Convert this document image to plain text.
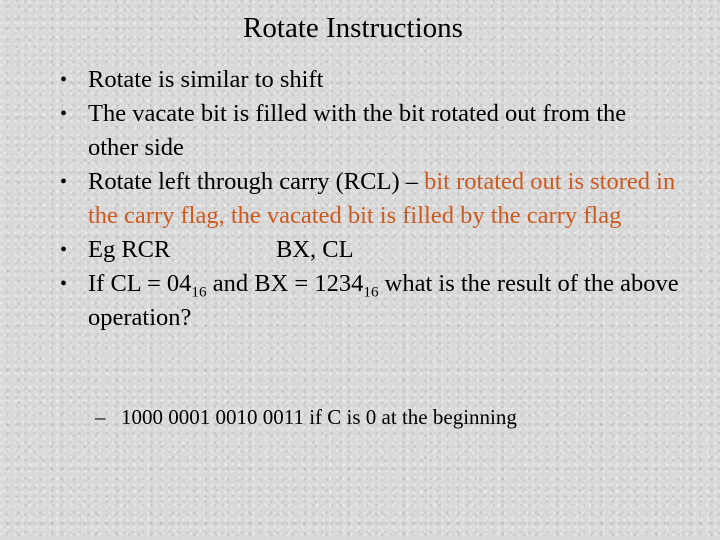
Rotate Instructions
• Rotate is similar to shift
• The vacate bit is filled with the bit rotated out from the other side
• Rotate left through carry (RCL) – bit rotated out is stored in the carry flag, the vacated bit is filled by the carry flag
• Eg RCR	BX, CL
• If CL = $04_{16}$ and BX = $1234_{16}$ what is the result of the above operation?
– 1000 0001 0010 0011 if C is 0 at the beginning
